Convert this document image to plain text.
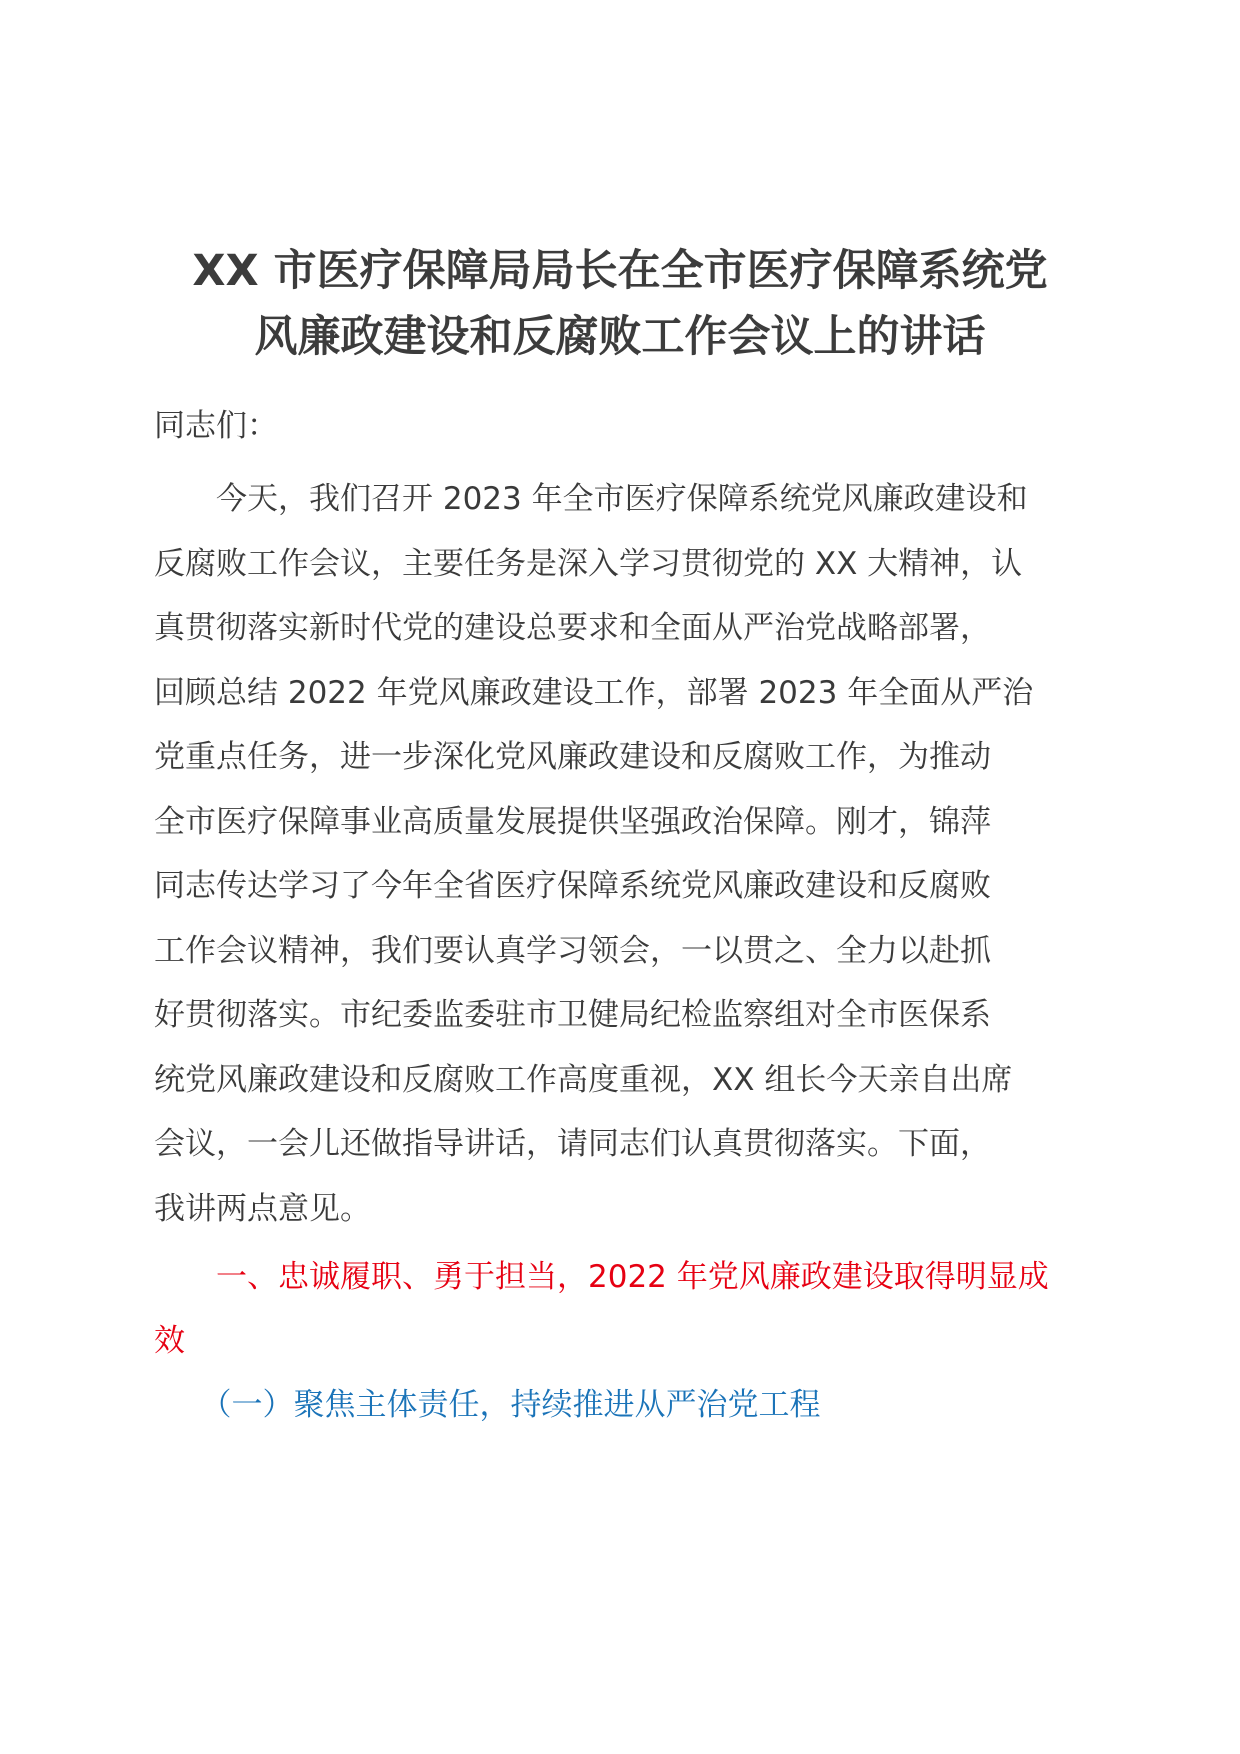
XX 市医疗保障局局长在全市医疗保障系统党
风廉政建设和反腐败工作会议上的讲话
同志们：
　　今天，我们召开 2023 年全市医疗保障系统党风廉政建设和
反腐败工作会议，主要任务是深入学习贯彻党的 XX 大精神，认
真贯彻落实新时代党的建设总要求和全面从严治党战略部署，
回顾总结 2022 年党风廉政建设工作，部署 2023 年全面从严治
党重点任务，进一步深化党风廉政建设和反腐败工作，为推动
全市医疗保障事业高质量发展提供坚强政治保障。刚才，锦萍
同志传达学习了今年全省医疗保障系统党风廉政建设和反腐败
工作会议精神，我们要认真学习领会，一以贯之、全力以赴抓
好贯彻落实。市纪委监委驻市卫健局纪检监察组对全市医保系
统党风廉政建设和反腐败工作高度重视，XX 组长今天亲自出席
会议，一会儿还做指导讲话，请同志们认真贯彻落实。下面，
我讲两点意见。
　　一、忠诚履职、勇于担当，2022 年党风廉政建设取得明显成
效
　　（一）聚焦主体责任，持续推进从严治党工程
